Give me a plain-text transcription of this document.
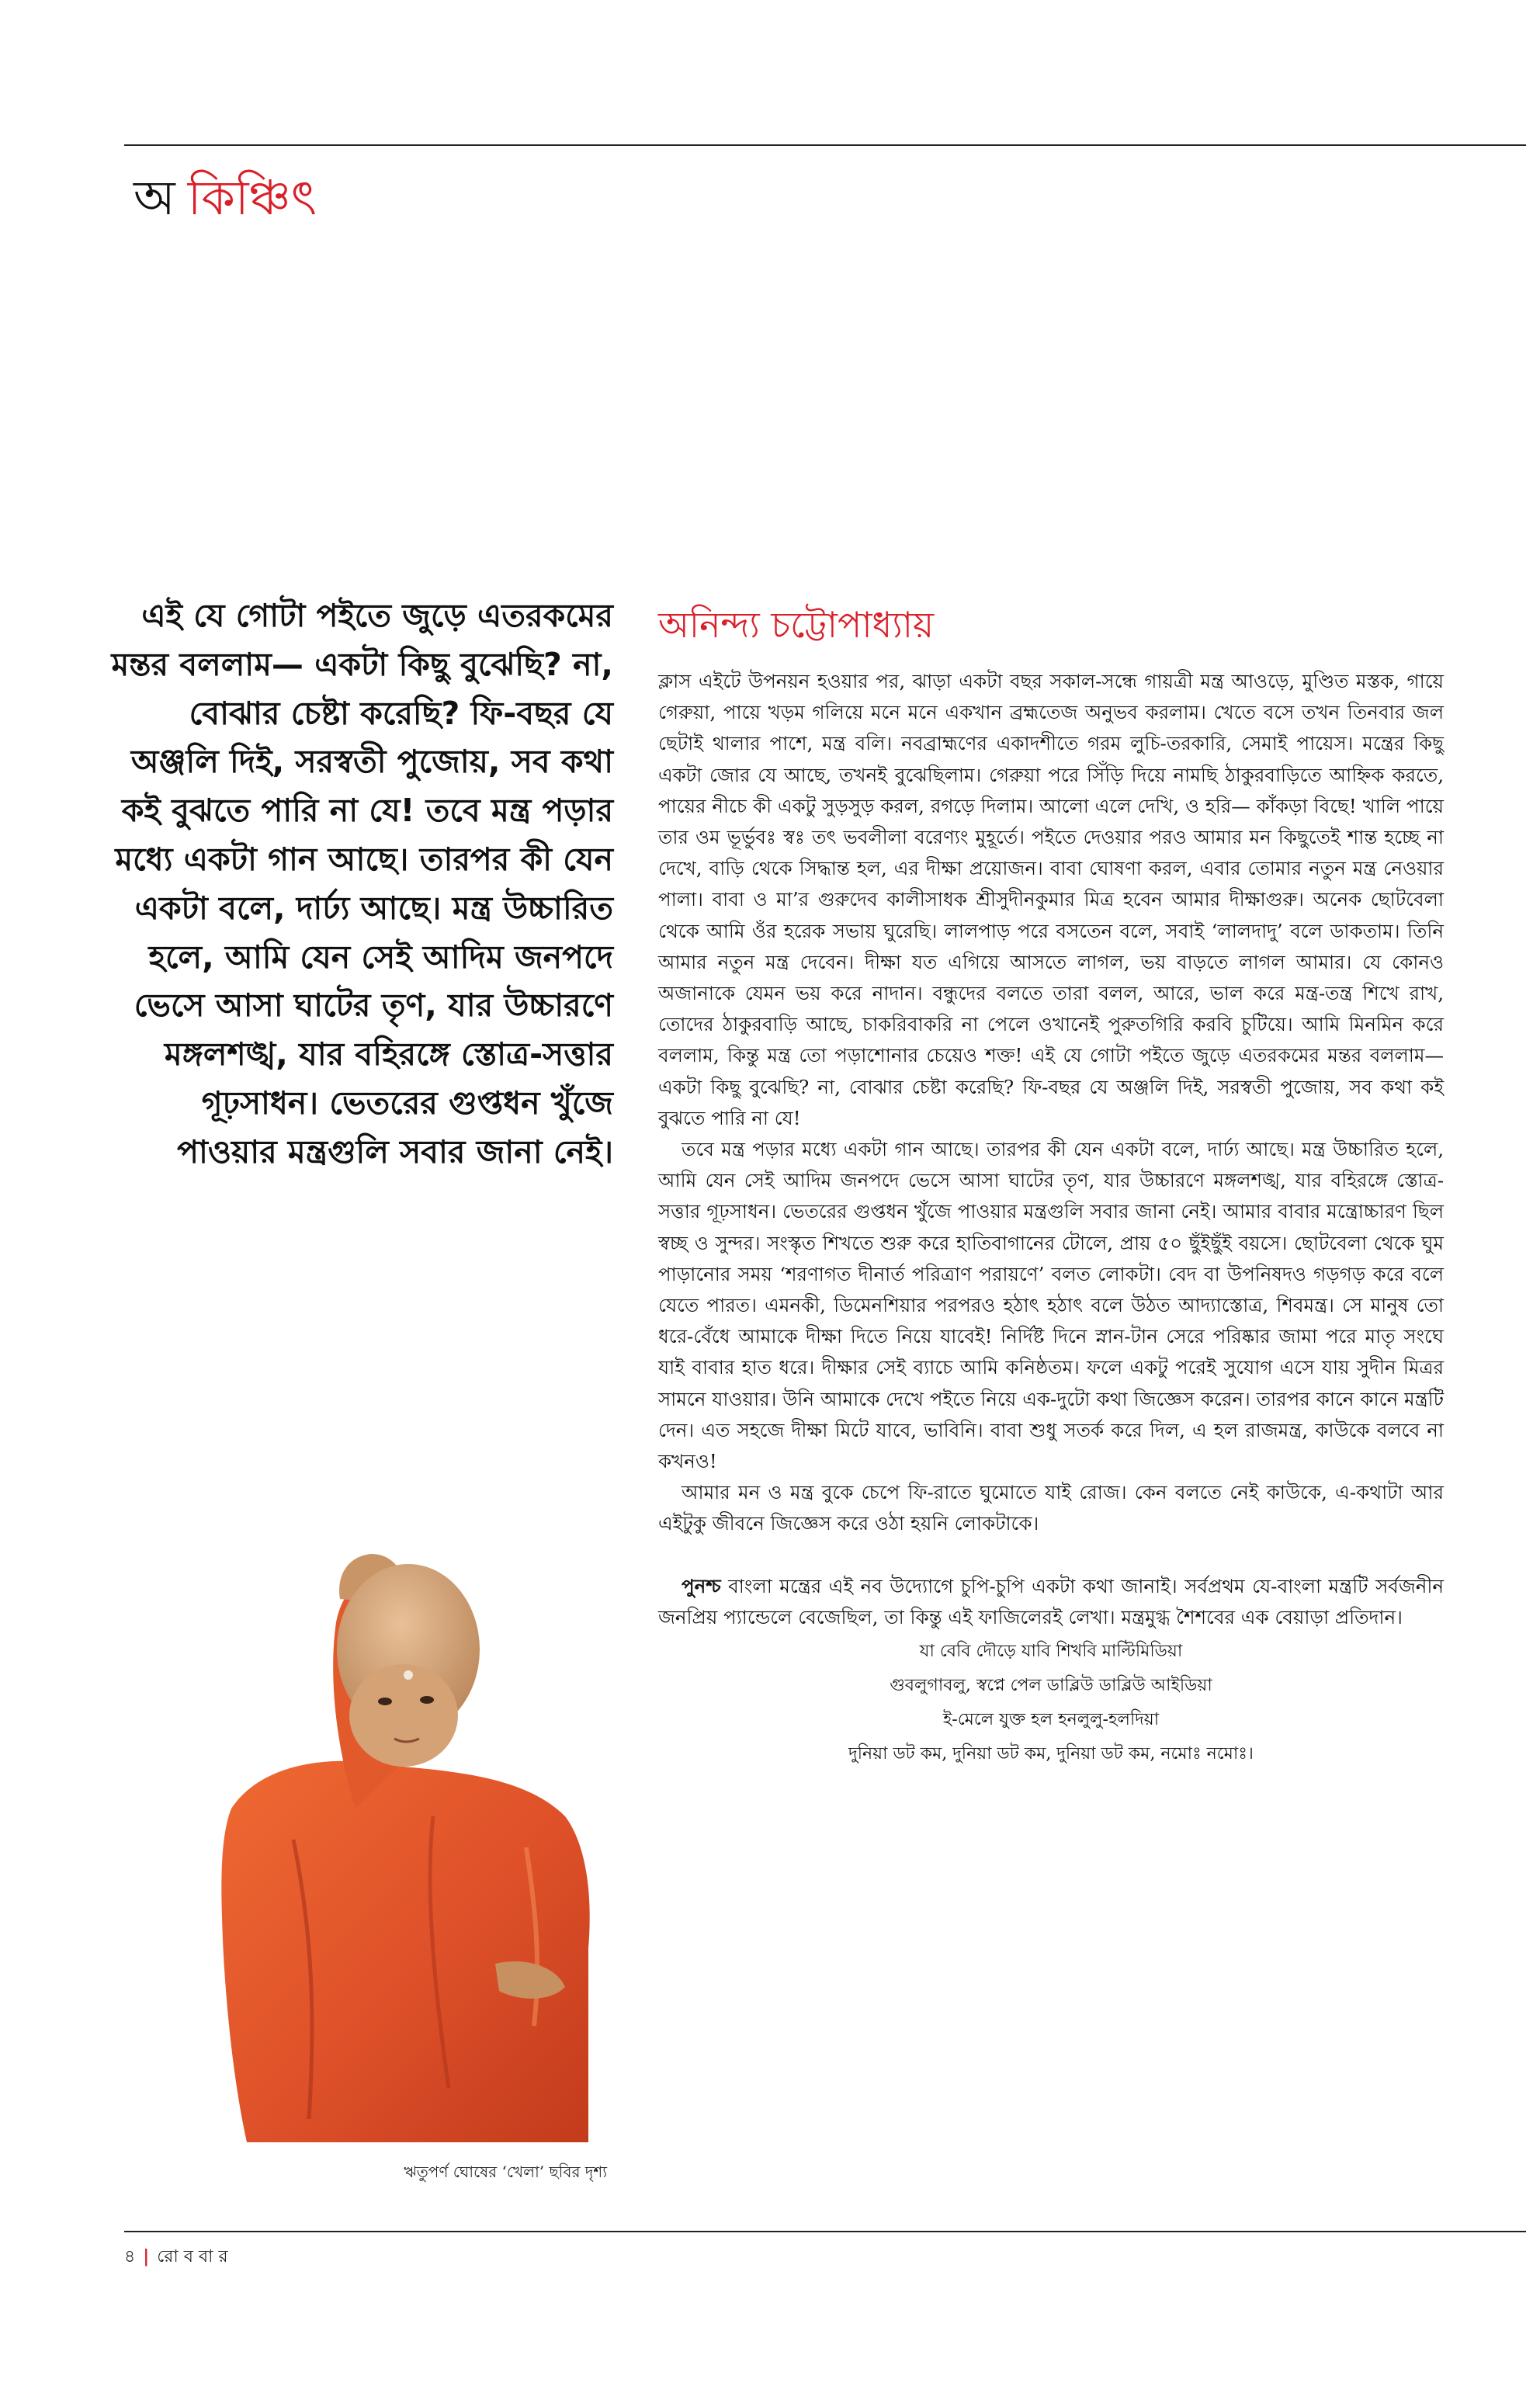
অ কিঞ্চিৎ
এই যে গোটা পইতে জুড়ে এতরকমের মন্তর বললাম— একটা কিছু বুঝেছি? না, বোঝার চেষ্টা করেছি? ফি-বছর যে অঞ্জলি দিই, সরস্বতী পুজোয়, সব কথা কই বুঝতে পারি না যে! তবে মন্ত্র পড়ার মধ্যে একটা গান আছে। তারপর কী যেন একটা বলে, দার্ঢ্য আছে। মন্ত্র উচ্চারিত হলে, আমি যেন সেই আদিম জনপদে ভেসে আসা ঘাটের তৃণ, যার উচ্চারণে মঙ্গলশঙ্খ, যার বহিরঙ্গে স্তোত্র-সত্তার গূঢ়সাধন। ভেতরের গুপ্তধন খুঁজে পাওয়ার মন্ত্রগুলি সবার জানা নেই।
ঋতুপর্ণ ঘোষের ‘খেলা’ ছবির দৃশ্য
অনিন্দ্য চট্টোপাধ্যায়

ক্লাস এইটে উপনয়ন হওয়ার পর, ঝাড়া একটা বছর সকাল-সন্ধে গায়ত্রী মন্ত্র আওড়ে, মুণ্ডিত মস্তক, গায়ে গেরুয়া, পায়ে খড়ম গলিয়ে মনে মনে একখান ব্রহ্মতেজ অনুভব করলাম। খেতে বসে তখন তিনবার জল ছেটাই থালার পাশে, মন্ত্র বলি। নবব্রাহ্মণের একাদশীতে গরম লুচি-তরকারি, সেমাই পায়েস। মন্ত্রের কিছু একটা জোর যে আছে, তখনই বুঝেছিলাম। গেরুয়া পরে সিঁড়ি দিয়ে নামছি ঠাকুরবাড়িতে আহ্নিক করতে, পায়ের নীচে কী একটু সুড়সুড় করল, রগড়ে দিলাম। আলো এলে দেখি, ও হরি— কাঁকড়া বিছে! খালি পায়ে তার ওম ভূর্ভুবঃ স্বঃ তৎ ভবলীলা বরেণ্যং মুহূর্তে। পইতে দেওয়ার পরও আমার মন কিছুতেই শান্ত হচ্ছে না দেখে, বাড়ি থেকে সিদ্ধান্ত হল, এর দীক্ষা প্রয়োজন। বাবা ঘোষণা করল, এবার তোমার নতুন মন্ত্র নেওয়ার পালা। বাবা ও মা’র গুরুদেব কালীসাধক শ্রীসুদীনকুমার মিত্র হবেন আমার দীক্ষাগুরু। অনেক ছোটবেলা থেকে আমি ওঁর হরেক সভায় ঘুরেছি। লালপাড় পরে বসতেন বলে, সবাই ‘লালদাদু’ বলে ডাকতাম। তিনি আমার নতুন মন্ত্র দেবেন। দীক্ষা যত এগিয়ে আসতে লাগল, ভয় বাড়তে লাগল আমার। যে কোনও অজানাকে যেমন ভয় করে নাদান। বন্ধুদের বলতে তারা বলল, আরে, ভাল করে মন্ত্র-তন্ত্র শিখে রাখ, তোদের ঠাকুরবাড়ি আছে, চাকরিবাকরি না পেলে ওখানেই পুরুতগিরি করবি চুটিয়ে। আমি মিনমিন করে বললাম, কিন্তু মন্ত্র তো পড়াশোনার চেয়েও শক্ত! এই যে গোটা পইতে জুড়ে এতরকমের মন্তর বললাম— একটা কিছু বুঝেছি? না, বোঝার চেষ্টা করেছি? ফি-বছর যে অঞ্জলি দিই, সরস্বতী পুজোয়, সব কথা কই বুঝতে পারি না যে!

তবে মন্ত্র পড়ার মধ্যে একটা গান আছে। তারপর কী যেন একটা বলে, দার্ঢ্য আছে। মন্ত্র উচ্চারিত হলে, আমি যেন সেই আদিম জনপদে ভেসে আসা ঘাটের তৃণ, যার উচ্চারণে মঙ্গলশঙ্খ, যার বহিরঙ্গে স্তোত্র-সত্তার গূঢ়সাধন। ভেতরের গুপ্তধন খুঁজে পাওয়ার মন্ত্রগুলি সবার জানা নেই। আমার বাবার মন্ত্রোচ্চারণ ছিল স্বচ্ছ ও সুন্দর। সংস্কৃত শিখতে শুরু করে হাতিবাগানের টোলে, প্রায় ৫০ ছুঁইছুঁই বয়সে। ছোটবেলা থেকে ঘুম পাড়ানোর সময় ‘শরণাগত দীনার্ত পরিত্রাণ পরায়ণে’ বলত লোকটা। বেদ বা উপনিষদও গড়গড় করে বলে যেতে পারত। এমনকী, ডিমেনশিয়ার পরপরও হঠাৎ হঠাৎ বলে উঠত আদ্যাস্তোত্র, শিবমন্ত্র। সে মানুষ তো ধরে-বেঁধে আমাকে দীক্ষা দিতে নিয়ে যাবেই! নির্দিষ্ট দিনে স্নান-টান সেরে পরিষ্কার জামা পরে মাতৃ সংঘে যাই বাবার হাত ধরে। দীক্ষার সেই ব্যাচে আমি কনিষ্ঠতম। ফলে একটু পরেই সুযোগ এসে যায় সুদীন মিত্রর সামনে যাওয়ার। উনি আমাকে দেখে পইতে নিয়ে এক-দুটো কথা জিজ্ঞেস করেন। তারপর কানে কানে মন্ত্রটি দেন। এত সহজে দীক্ষা মিটে যাবে, ভাবিনি। বাবা শুধু সতর্ক করে দিল, এ হল রাজমন্ত্র, কাউকে বলবে না কখনও!

আমার মন ও মন্ত্র বুকে চেপে ফি-রাতে ঘুমোতে যাই রোজ। কেন বলতে নেই কাউকে, এ-কথাটা আর এইটুকু জীবনে জিজ্ঞেস করে ওঠা হয়নি লোকটাকে।

পুনশ্চ বাংলা মন্ত্রের এই নব উদ্যোগে চুপি-চুপি একটা কথা জানাই। সর্বপ্রথম যে-বাংলা মন্ত্রটি সর্বজনীন জনপ্রিয় প্যান্ডেলে বেজেছিল, তা কিন্তু এই ফাজিলেরই লেখা। মন্ত্রমুগ্ধ শৈশবের এক বেয়াড়া প্রতিদান।

যা বেবি দৌড়ে যাবি শিখবি মাল্টিমিডিয়া
গুবলুগাবলু, স্বপ্নে পেল ডাব্লিউ ডাব্লিউ আইডিয়া
ই-মেলে যুক্ত হল হনলুলু-হলদিয়া
দুনিয়া ডট কম, দুনিয়া ডট কম, দুনিয়া ডট কম, নমোঃ নমোঃ।
৪ | রো ব বা র
